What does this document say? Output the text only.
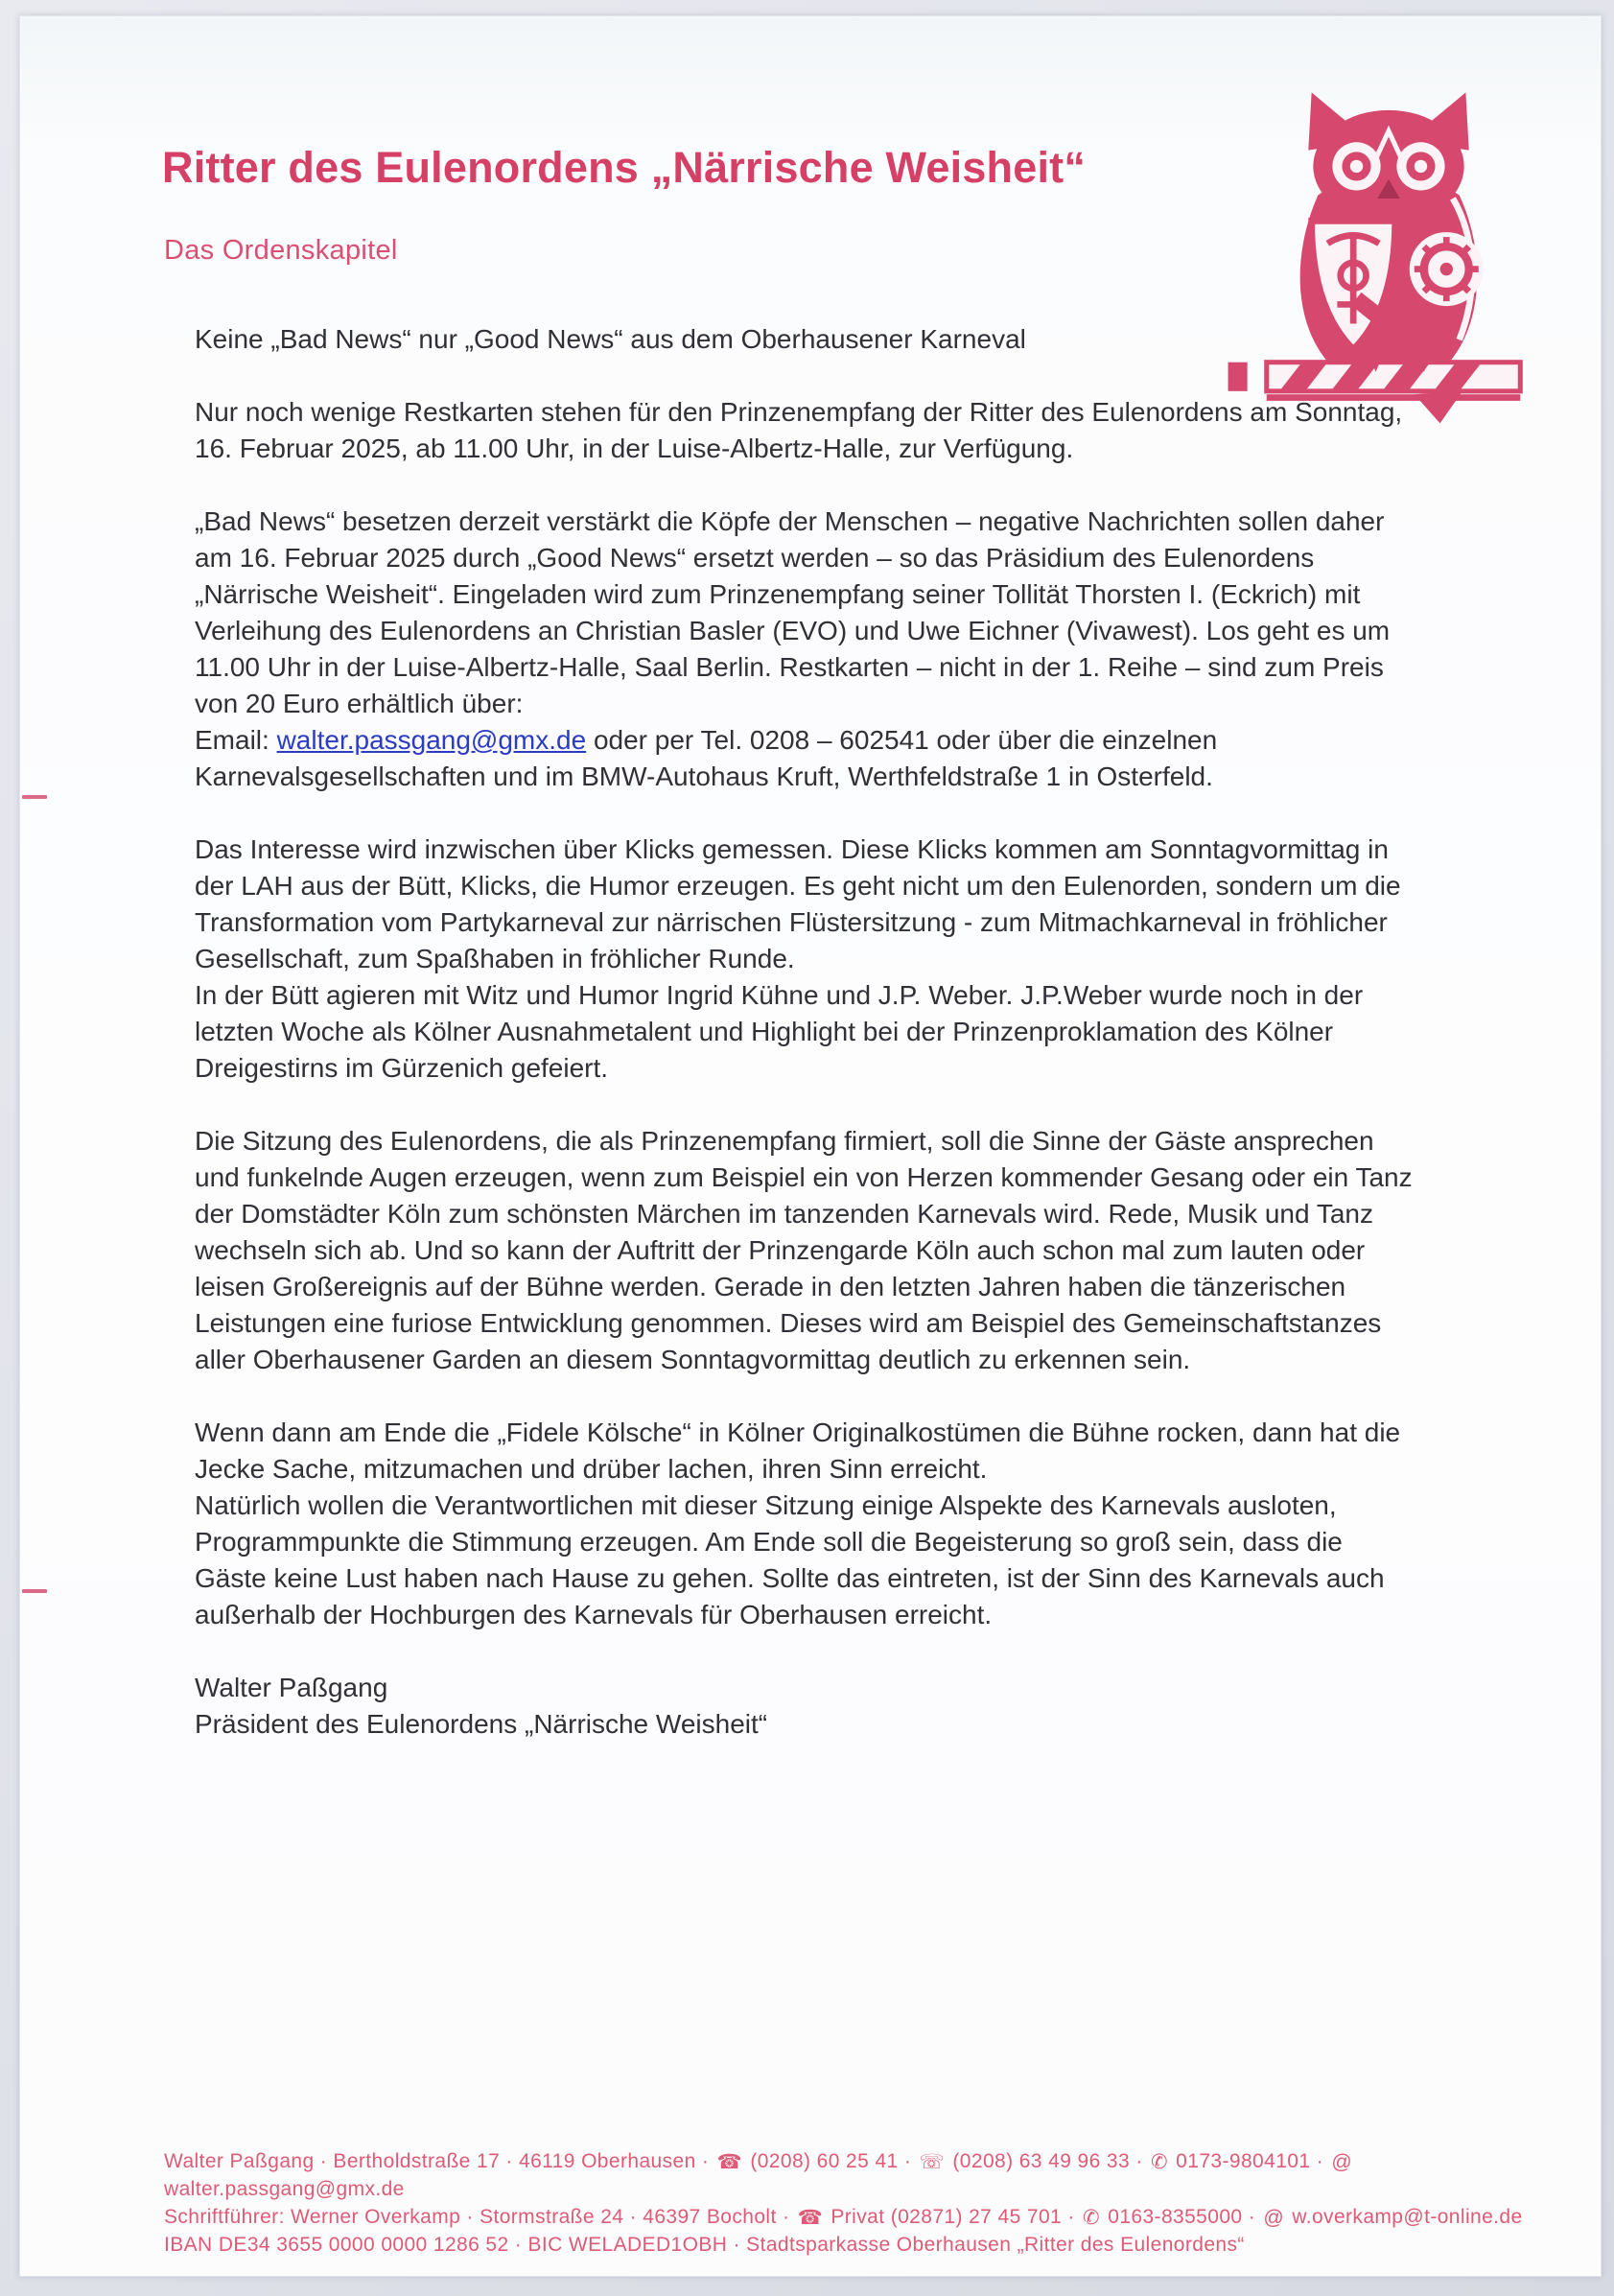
Ritter des Eulenordens „Närrische Weisheit“
Das Ordenskapitel

Keine „Bad News“ nur „Good News“ aus dem Oberhausener Karneval

Nur noch wenige Restkarten stehen für den Prinzenempfang der Ritter des Eulenordens am Sonntag, 16. Februar 2025, ab 11.00 Uhr, in der Luise-Albertz-Halle, zur Verfügung.

„Bad News“ besetzen derzeit verstärkt die Köpfe der Menschen – negative Nachrichten sollen daher am 16. Februar 2025 durch „Good News“ ersetzt werden – so das Präsidium des Eulenordens „Närrische Weisheit“. Eingeladen wird zum Prinzenempfang seiner Tollität Thorsten I. (Eckrich) mit Verleihung des Eulenordens an Christian Basler (EVO) und Uwe Eichner (Vivawest). Los geht es um 11.00 Uhr in der Luise-Albertz-Halle, Saal Berlin. Restkarten – nicht in der 1. Reihe – sind zum Preis von 20 Euro erhältlich über:

Email: walter.passgang@gmx.de oder per Tel. 0208 – 602541 oder über die einzelnen Karnevalsgesellschaften und im BMW-Autohaus Kruft, Werthfeldstraße 1 in Osterfeld.

Das Interesse wird inzwischen über Klicks gemessen. Diese Klicks kommen am Sonntagvormittag in der LAH aus der Bütt, Klicks, die Humor erzeugen. Es geht nicht um den Eulenorden, sondern um die Transformation vom Partykarneval zur närrischen Flüstersitzung - zum Mitmachkarneval in fröhlicher Gesellschaft, zum Spaßhaben in fröhlicher Runde.

In der Bütt agieren mit Witz und Humor Ingrid Kühne und J.P. Weber. J.P.Weber wurde noch in der letzten Woche als Kölner Ausnahmetalent und Highlight bei der Prinzenproklamation des Kölner Dreigestirns im Gürzenich gefeiert.

Die Sitzung des Eulenordens, die als Prinzenempfang firmiert, soll die Sinne der Gäste ansprechen und funkelnde Augen erzeugen, wenn zum Beispiel ein von Herzen kommender Gesang oder ein Tanz der Domstädter Köln zum schönsten Märchen im tanzenden Karnevals wird. Rede, Musik und Tanz wechseln sich ab. Und so kann der Auftritt der Prinzengarde Köln auch schon mal zum lauten oder leisen Großereignis auf der Bühne werden. Gerade in den letzten Jahren haben die tänzerischen Leistungen eine furiose Entwicklung genommen. Dieses wird am Beispiel des Gemeinschaftstanzes aller Oberhausener Garden an diesem Sonntagvormittag deutlich zu erkennen sein.

Wenn dann am Ende die „Fidele Kölsche“ in Kölner Originalkostümen die Bühne rocken, dann hat die Jecke Sache, mitzumachen und drüber lachen, ihren Sinn erreicht.

Natürlich wollen die Verantwortlichen mit dieser Sitzung einige Alspekte des Karnevals ausloten, Programmpunkte die Stimmung erzeugen. Am Ende soll die Begeisterung so groß sein, dass die Gäste keine Lust haben nach Hause zu gehen. Sollte das eintreten, ist der Sinn des Karnevals auch außerhalb der Hochburgen des Karnevals für Oberhausen erreicht.

Walter Paßgang
Präsident des Eulenordens „Närrische Weisheit“
Walter Paßgang · Bertholdstraße 17 · 46119 Oberhausen · ☎ (0208) 60 25 41 · ☏ (0208) 63 49 96 33 · ✆ 0173-9804101 · @ walter.passgang@gmx.de
Schriftführer: Werner Overkamp · Stormstraße 24 · 46397 Bocholt · ☎ Privat (02871) 27 45 701 · ✆ 0163-8355000 · @ w.overkamp@t-online.de
IBAN DE34 3655 0000 0000 1286 52 · BIC WELADED1OBH · Stadtsparkasse Oberhausen „Ritter des Eulenordens“
